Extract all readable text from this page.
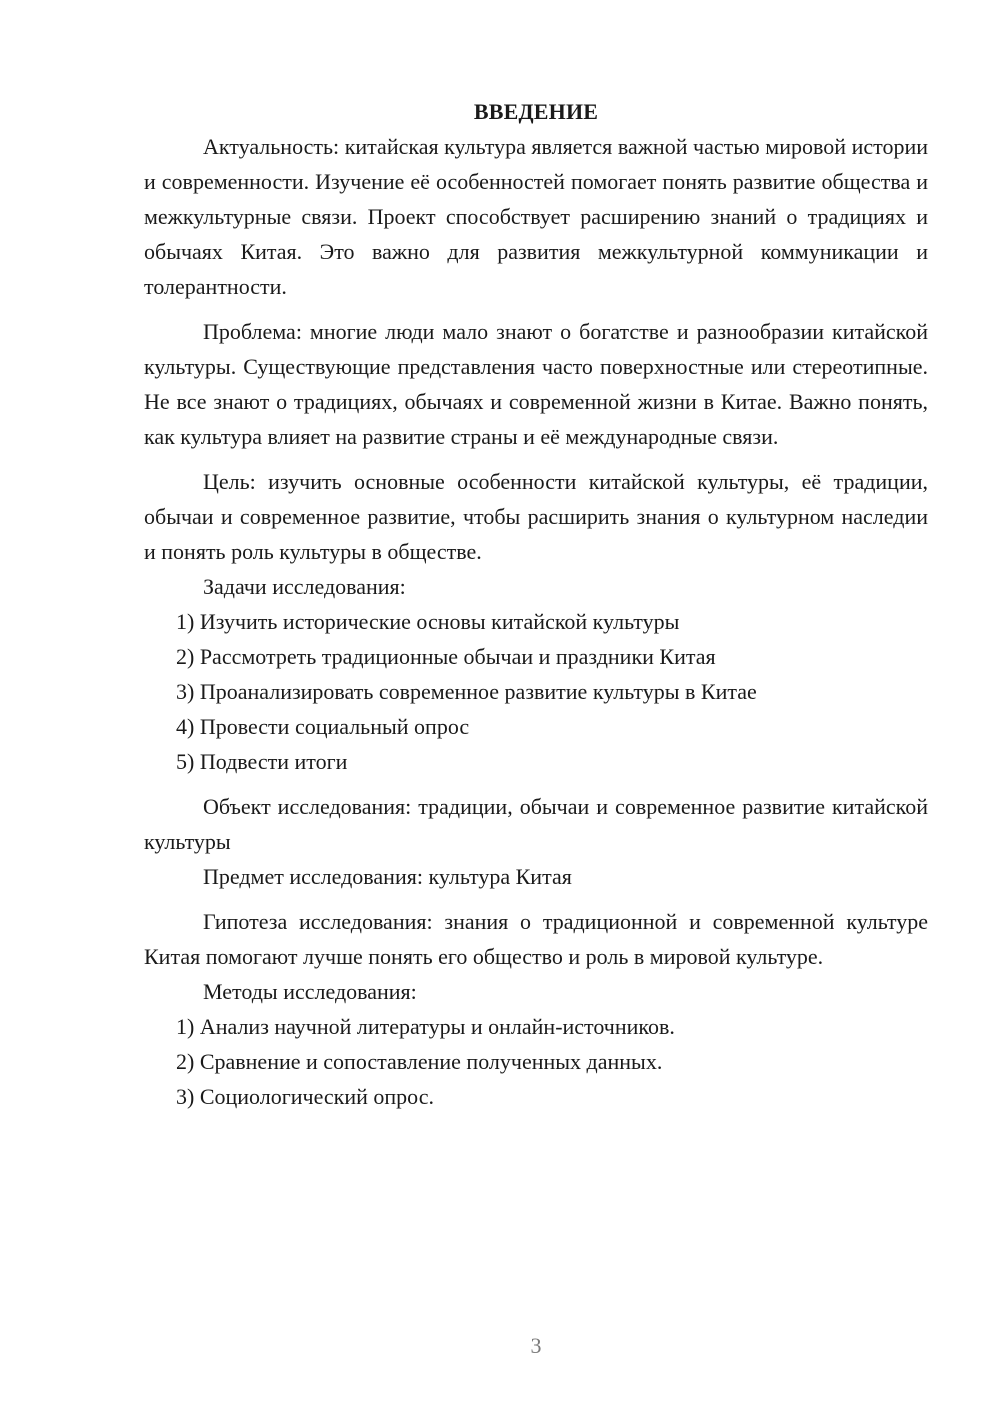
ВВЕДЕНИЕ

Актуальность: китайская культура является важной частью мировой истории и современности. Изучение её особенностей помогает понять развитие общества и межкультурные связи. Проект способствует расширению знаний о традициях и обычаях Китая. Это важно для развития межкультурной коммуникации и толерантности.

Проблема: многие люди мало знают о богатстве и разнообразии китайской культуры. Существующие представления часто поверхностные или стереотипные. Не все знают о традициях, обычаях и современной жизни в Китае. Важно понять, как культура влияет на развитие страны и её международные связи.

Цель: изучить основные особенности китайской культуры, её традиции, обычаи и современное развитие, чтобы расширить знания о культурном наследии и понять роль культуры в обществе.

Задачи исследования:

1) Изучить исторические основы китайской культуры

2) Рассмотреть традиционные обычаи и праздники Китая

3) Проанализировать современное развитие культуры в Китае

4) Провести социальный опрос

5) Подвести итоги

Объект исследования: традиции, обычаи и современное развитие китайской культуры

Предмет исследования: культура Китая

Гипотеза исследования: знания о традиционной и современной культуре Китая помогают лучше понять его общество и роль в мировой культуре.

Методы исследования:

1) Анализ научной литературы и онлайн-источников.

2) Сравнение и сопоставление полученных данных.

3) Социологический опрос.

3
